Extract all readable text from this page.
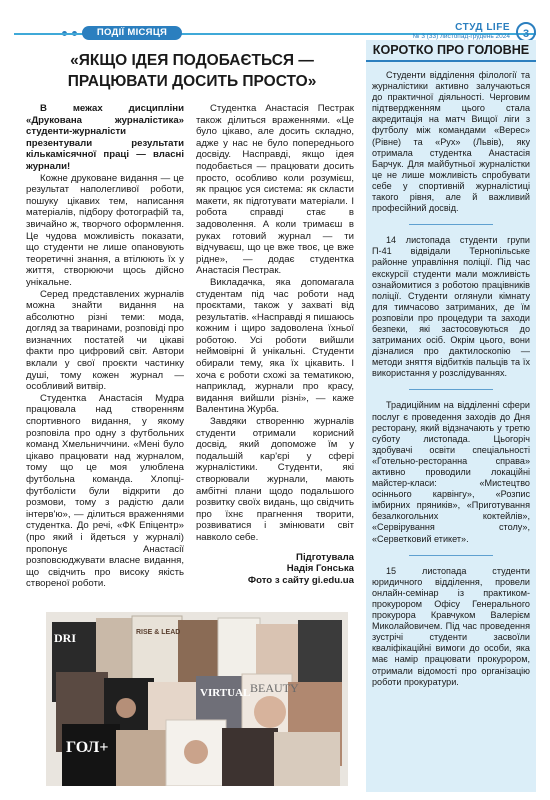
ПОДІЇ МІСЯЦЯ	СТУД LIFE
№ 3 (33) листопад-грудень 2024	3
«ЯКЩО ІДЕЯ ПОДОБАЄТЬСЯ — ПРАЦЮВАТИ ДОСИТЬ ПРОСТО»

В межах дисципліни «Друкована журналістика» студенти-журналісти презентували результати кількамісячної праці — власні журнали!

Кожне друковане видання — це результат наполегливої роботи, пошуку цікавих тем, написання матеріалів, підбору фотографій та, звичайно ж, творчого оформлення. Це чудова можливість показати, що студенти не лише опановують теоретичні знання, а втілюють їх у життя, створюючи щось дійсно унікальне.

Серед представлених журналів можна знайти видання на абсолютно різні теми: мода, догляд за тваринами, розповіді про визначних постатей чи цікаві факти про цифровий світ. Автори вклали у свої проєкти частинку душі, тому кожен журнал — особливий витвір.

Студентка Анастасія Мудра працювала над створенням спортивного видання, у якому розповіла про одну з футбольних команд Хмельниччини. «Мені було цікаво працювати над журналом, тому що це моя улюблена футбольна команда. Хлопці-футболісти були відкрити до розмови, тому з радістю дали інтерв'ю», — ділиться враженнями студентка. До речі, «ФК Епіцентр» (про який і йдеться у журналі) пропонує Анастасії розповсюджувати власне видання, що свідчить про високу якість створеної роботи.

Студентка Анастасія Пестрак також ділиться враженнями. «Це було цікаво, але досить складно, адже у нас не було попереднього досвіду. Насправді, якщо ідея подобається — працювати досить просто, особливо коли розумієш, як працює уся система: як скласти макети, як підготувати матеріали. І робота справді стає в задоволення. А коли тримаєш в руках готовий журнал — ти відчуваєш, що це вже твоє, це вже рідне», — додає студентка Анастасія Пестрак.

Викладачка, яка допомагала студентам під час роботи над проєктами, також у захваті від результатів. «Насправді я пишаюсь кожним і щиро задоволена їхньої роботою. Усі роботи вийшли неймовірні й унікальні. Студенти обирали тему, яка їх цікавить. І хоча є роботи схожі за тематикою, наприклад, журнали про красу, видання вийшли різні», — каже Валентина Журба.

Завдяки створенню журналів студенти отримали корисний досвід, який допоможе їм у подальшій кар'єрі у сфері журналістики. Студенти, які створювали журнали, мають амбітні плани щодо подальшого розвитку своїх видань, що свідчить про їхнє прагнення творити, розвиватися і змінювати світ навколо себе.

Підготувала
Надія Гонська
Фото з сайту gi.edu.ua
ГОЛ+
RISE & LEAD
VIRTUAL BEAUTY
DRI
КОРОТКО ПРО ГОЛОВНЕ

Студенти відділення філології та журналістики активно залучаються до практичної діяльності. Черговим підтвердженням цього стала акредитація на матч Вищої ліги з футболу між командами «Верес» (Рівне) та «Рух» (Львів), яку отримала студентка Анастасія Барчук. Для майбутньої журналістки це не лише можливість спробувати себе у спортивній журналістиці такого рівня, але й важливий професійний досвід.

14 листопада студенти групи П-41 відвідали Тернопільське районне управління поліції. Під час екскурсії студенти мали можливість ознайомитися з роботою працівників поліції. Студенти оглянули кімнату для тимчасово затриманих, де їм розповіли про процедури та заходи безпеки, які застосовуються до затриманих осіб. Окрім цього, вони дізналися про дактилоскопію — методи зняття відбитків пальців та їх використання у розслідуваннях.

Традиційним на відділенні сфери послуг є проведення заходів до Дня ресторану, який відзначають у третю суботу листопада. Цьогоріч здобувачі освіти спеціальності «Готельно-ресторанна справа» активно проводили локаційні майстер-класи: «Мистецтво осіннього карвінгу», «Розпис імбирних пряників», «Приготування безалкогольних коктейлів», «Сервірування столу», «Серветковий етикет».

15 листопада студенти юридичного відділення, провели онлайн-семінар із практиком-прокурором Офісу Генерального прокурора Кравчуком Валерієм Миколайовичем. Під час проведення зустрічі студенти засвоїли кваліфікаційні вимоги до особи, яка має намір працювати прокурором, отримали відомості про організацію роботи прокуратури.
